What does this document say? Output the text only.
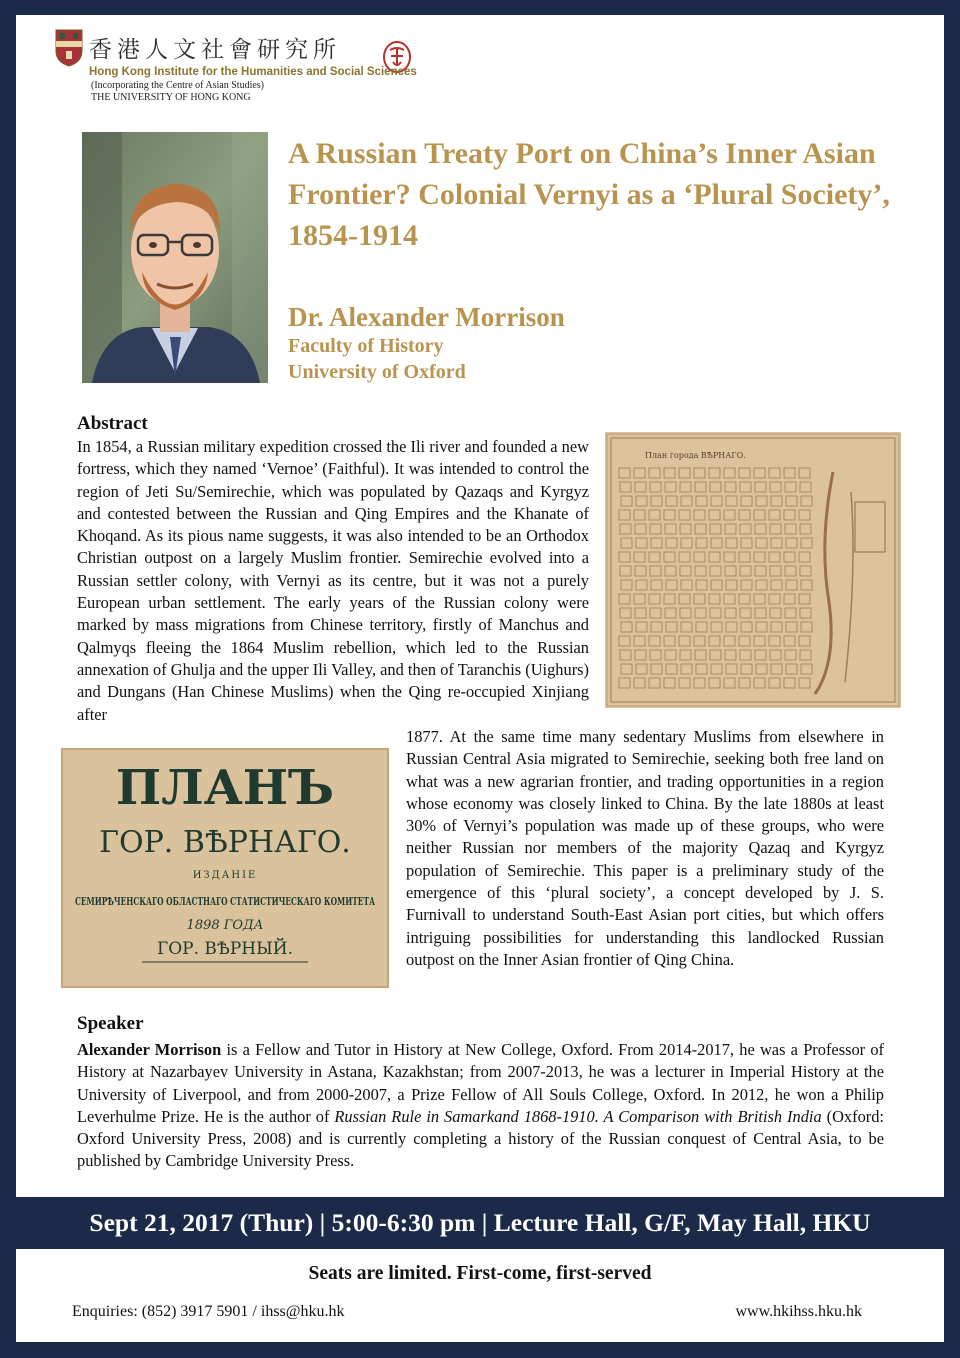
香港人文社會研究所
Hong Kong Institute for the Humanities and Social Sciences
(Incorporating the Centre of Asian Studies)
THE UNIVERSITY OF HONG KONG
A Russian Treaty Port on China’s Inner Asian Frontier? Colonial Vernyi as a ‘Plural Society’, 1854-1914
Dr. Alexander Morrison
Faculty of History
University of Oxford
Abstract
In 1854, a Russian military expedition crossed the Ili river and founded a new fortress, which they named ‘Vernoe’ (Faithful). It was intended to control the region of Jeti Su/Semirechie, which was populated by Qazaqs and Kyrgyz and contested between the Russian and Qing Empires and the Khanate of Khoqand. As its pious name suggests, it was also intended to be an Orthodox Christian outpost on a largely Muslim frontier. Semirechie evolved into a Russian settler colony, with Vernyi as its centre, but it was not a purely European urban settlement. The early years of the Russian colony were marked by mass migrations from Chinese territory, firstly of Manchus and Qalmyqs fleeing the 1864 Muslim rebellion, which led to the Russian annexation of Ghulja and the upper Ili Valley, and then of Taranchis (Uighurs) and Dungans (Han Chinese Muslims) when the Qing re-occupied Xinjiang after
План города ВѢРНАГО.
1877. At the same time many sedentary Muslims from elsewhere in Russian Central Asia migrated to Semirechie, seeking both free land on what was a new agrarian frontier, and trading opportunities in a region whose economy was closely linked to China. By the late 1880s at least 30% of Vernyi’s population was made up of these groups, who were neither Russian nor members of the majority Qazaq and Kyrgyz population of Semirechie. This paper is a preliminary study of the emergence of this ‘plural society’, a concept developed by J. S. Furnivall to understand South-East Asian port cities, but which offers intriguing possibilities for understanding this landlocked Russian outpost on the Inner Asian frontier of Qing China.
ПЛАНЪ
ГОР. ВѢРНАГО.
ИЗДАНІЕ
СЕМИРѢЧЕНСКАГО ОБЛАСТНАГО СТАТИСТИЧЕСКАГО КОМИТЕТА
1898 ГОДА
ГОР. ВѢРНЫЙ.
Speaker
Alexander Morrison is a Fellow and Tutor in History at New College, Oxford. From 2014-2017, he was a Professor of History at Nazarbayev University in Astana, Kazakhstan; from 2007-2013, he was a lecturer in Imperial History at the University of Liverpool, and from 2000-2007, a Prize Fellow of All Souls College, Oxford. In 2012, he won a Philip Leverhulme Prize. He is the author of Russian Rule in Samarkand 1868-1910. A Comparison with British India (Oxford: Oxford University Press, 2008) and is currently completing a history of the Russian conquest of Central Asia, to be published by Cambridge University Press.
Sept 21, 2017 (Thur) | 5:00-6:30 pm | Lecture Hall, G/F, May Hall, HKU
Seats are limited. First-come, first-served
Enquiries: (852) 3917 5901 / ihss@hku.hk	www.hkihss.hku.hk
